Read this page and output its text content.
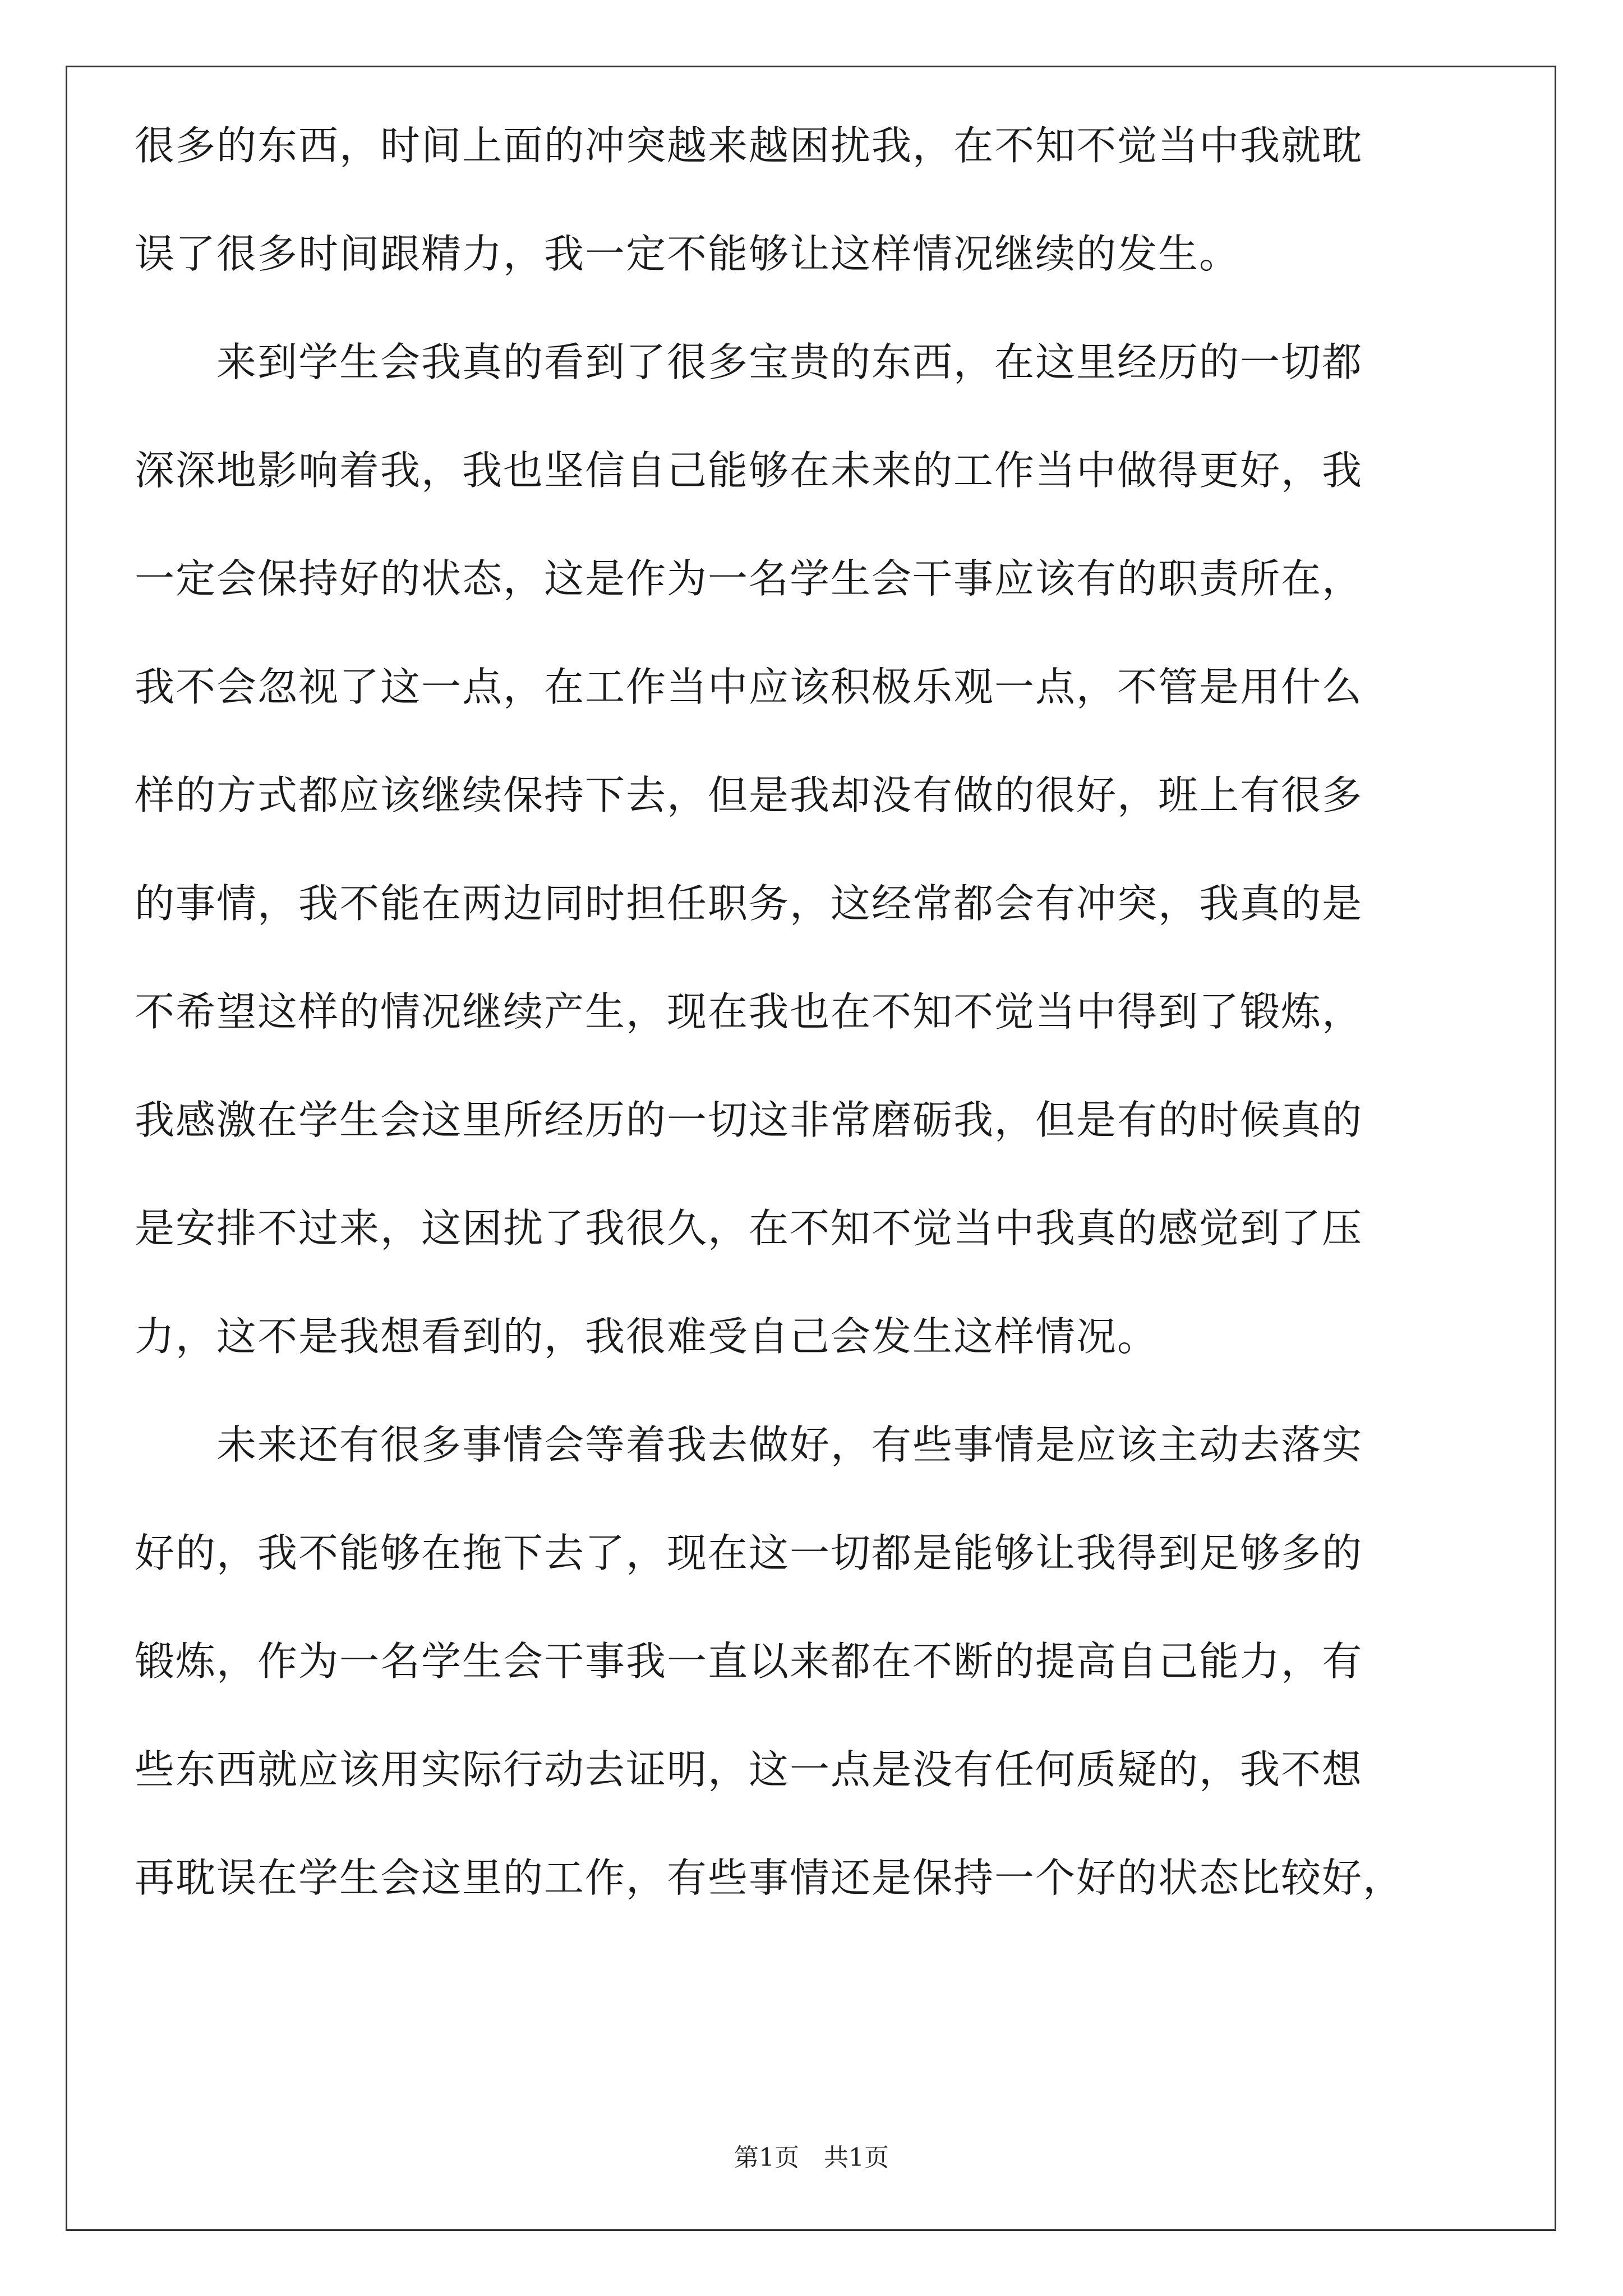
很多的东西，时间上面的冲突越来越困扰我，在不知不觉当中我就耽
误了很多时间跟精力，我一定不能够让这样情况继续的发生。
来到学生会我真的看到了很多宝贵的东西，在这里经历的一切都
深深地影响着我，我也坚信自己能够在未来的工作当中做得更好，我
一定会保持好的状态，这是作为一名学生会干事应该有的职责所在，
我不会忽视了这一点，在工作当中应该积极乐观一点，不管是用什么
样的方式都应该继续保持下去，但是我却没有做的很好，班上有很多
的事情，我不能在两边同时担任职务，这经常都会有冲突，我真的是
不希望这样的情况继续产生，现在我也在不知不觉当中得到了锻炼，
我感激在学生会这里所经历的一切这非常磨砺我，但是有的时候真的
是安排不过来，这困扰了我很久，在不知不觉当中我真的感觉到了压
力，这不是我想看到的，我很难受自己会发生这样情况。
未来还有很多事情会等着我去做好，有些事情是应该主动去落实
好的，我不能够在拖下去了，现在这一切都是能够让我得到足够多的
锻炼，作为一名学生会干事我一直以来都在不断的提高自己能力，有
些东西就应该用实际行动去证明，这一点是没有任何质疑的，我不想
再耽误在学生会这里的工作，有些事情还是保持一个好的状态比较好，
第1页　共1页
